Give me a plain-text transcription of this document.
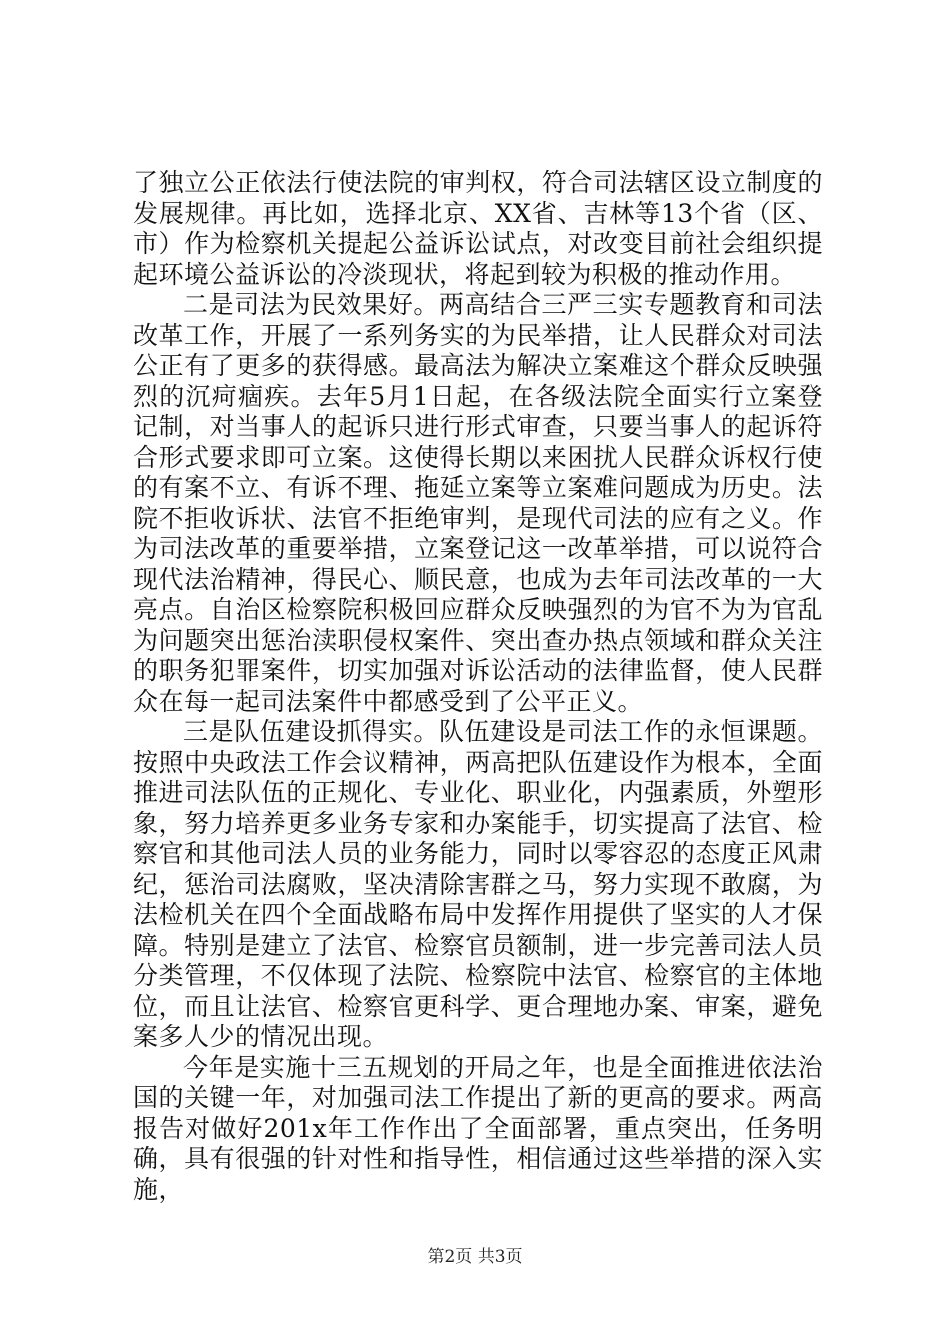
了独立公正依法行使法院的审判权，符合司法辖区设立制度的发展规律。再比如，选择北京、XX省、吉林等13个省（区、市）作为检察机关提起公益诉讼试点，对改变目前社会组织提起环境公益诉讼的冷淡现状，将起到较为积极的推动作用。

二是司法为民效果好。两高结合三严三实专题教育和司法改革工作，开展了一系列务实的为民举措，让人民群众对司法公正有了更多的获得感。最高法为解决立案难这个群众反映强烈的沉疴痼疾。去年5月1日起，在各级法院全面实行立案登记制，对当事人的起诉只进行形式审查，只要当事人的起诉符合形式要求即可立案。这使得长期以来困扰人民群众诉权行使的有案不立、有诉不理、拖延立案等立案难问题成为历史。法院不拒收诉状、法官不拒绝审判，是现代司法的应有之义。作为司法改革的重要举措，立案登记这一改革举措，可以说符合现代法治精神，得民心、顺民意，也成为去年司法改革的一大亮点。自治区检察院积极回应群众反映强烈的为官不为为官乱为问题突出惩治渎职侵权案件、突出查办热点领域和群众关注的职务犯罪案件，切实加强对诉讼活动的法律监督，使人民群众在每一起司法案件中都感受到了公平正义。

三是队伍建设抓得实。队伍建设是司法工作的永恒课题。按照中央政法工作会议精神，两高把队伍建设作为根本，全面推进司法队伍的正规化、专业化、职业化，内强素质，外塑形象，努力培养更多业务专家和办案能手，切实提高了法官、检察官和其他司法人员的业务能力，同时以零容忍的态度正风肃纪，惩治司法腐败，坚决清除害群之马，努力实现不敢腐，为法检机关在四个全面战略布局中发挥作用提供了坚实的人才保障。特别是建立了法官、检察官员额制，进一步完善司法人员分类管理，不仅体现了法院、检察院中法官、检察官的主体地位，而且让法官、检察官更科学、更合理地办案、审案，避免案多人少的情况出现。

今年是实施十三五规划的开局之年，也是全面推进依法治国的关键一年，对加强司法工作提出了新的更高的要求。两高报告对做好201x年工作作出了全面部署，重点突出，任务明确，具有很强的针对性和指导性，相信通过这些举措的深入实施，

第2页 共3页
